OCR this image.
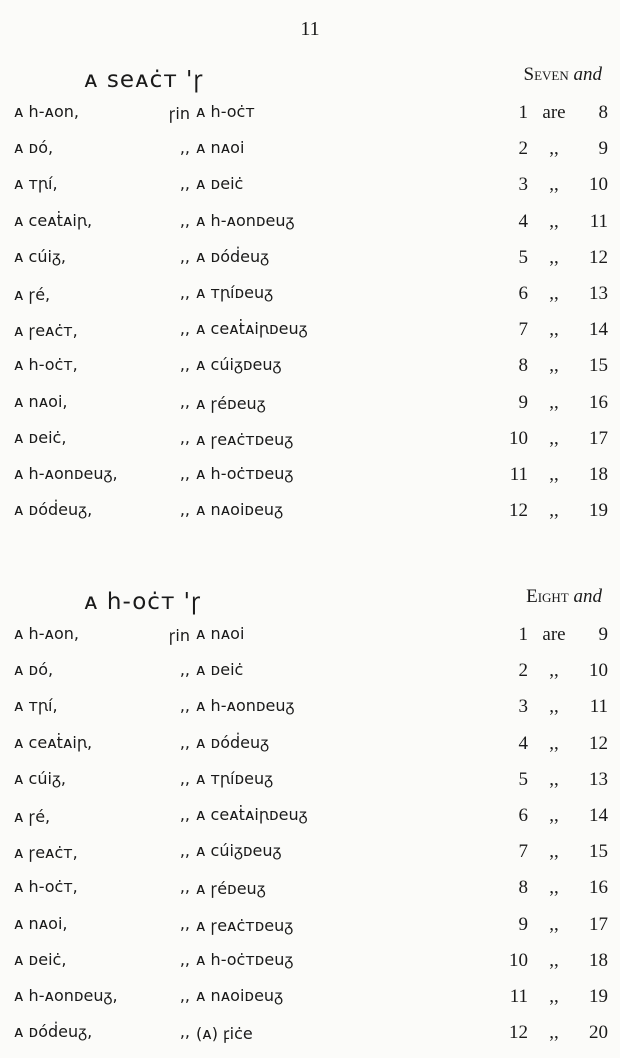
11
ᴀ seᴀċᴛ 'ꞅ	Seven and
ᴀ h-ᴀon,	ꞅin ᴀ h-oċᴛ	1 are	8
ᴀ ᴅó,	,, ᴀ nᴀoi	2	,,	9
ᴀ ᴛꞃí,	,, ᴀ ᴅeiċ	3	,,	10
ᴀ ceᴀṫᴀiꞃ,	,, ᴀ h-ᴀonᴅeuᵹ	4	,,	11
ᴀ cúiᵹ,	,, ᴀ ᴅóḋeuᵹ	5	,,	12
ᴀ ꞅé,	,, ᴀ ᴛꞃíᴅeuᵹ	6	,,	13
ᴀ ꞅeᴀċᴛ,	,, ᴀ ceᴀṫᴀiꞃᴅeuᵹ	7	,,	14
ᴀ h-oċᴛ,	,, ᴀ cúiᵹᴅeuᵹ	8	,,	15
ᴀ nᴀoi,	,, ᴀ ꞅéᴅeuᵹ	9	,,	16
ᴀ ᴅeiċ,	,, ᴀ ꞅeᴀċᴛᴅeuᵹ	10	,,	17
ᴀ h-ᴀonᴅeuᵹ,	,, ᴀ h-oċᴛᴅeuᵹ	11	,,	18
ᴀ ᴅóḋeuᵹ,	,, ᴀ nᴀoiᴅeuᵹ	12	,,	19
ᴀ h-oċᴛ 'ꞅ	Eight and
ᴀ h-ᴀon,	ꞅin ᴀ nᴀoi	1 are	9
ᴀ ᴅó,	,, ᴀ ᴅeiċ	2	,,	10
ᴀ ᴛꞃí,	,, ᴀ h-ᴀonᴅeuᵹ	3	,,	11
ᴀ ceᴀṫᴀiꞃ,	,, ᴀ ᴅóḋeuᵹ	4	,,	12
ᴀ cúiᵹ,	,, ᴀ ᴛꞃíᴅeuᵹ	5	,,	13
ᴀ ꞅé,	,, ᴀ ceᴀṫᴀiꞃᴅeuᵹ	6	,,	14
ᴀ ꞅeᴀċᴛ,	,, ᴀ cúiᵹᴅeuᵹ	7	,,	15
ᴀ h-oċᴛ,	,, ᴀ ꞅéᴅeuᵹ	8	,,	16
ᴀ nᴀoi,	,, ᴀ ꞅeᴀċᴛᴅeuᵹ	9	,,	17
ᴀ ᴅeiċ,	,, ᴀ h-oċᴛᴅeuᵹ	10	,,	18
ᴀ h-ᴀonᴅeuᵹ,	,, ᴀ nᴀoiᴅeuᵹ	11	,,	19
ᴀ ᴅóḋeuᵹ,	,, (ᴀ) ꝼiċe	12	,,	20
